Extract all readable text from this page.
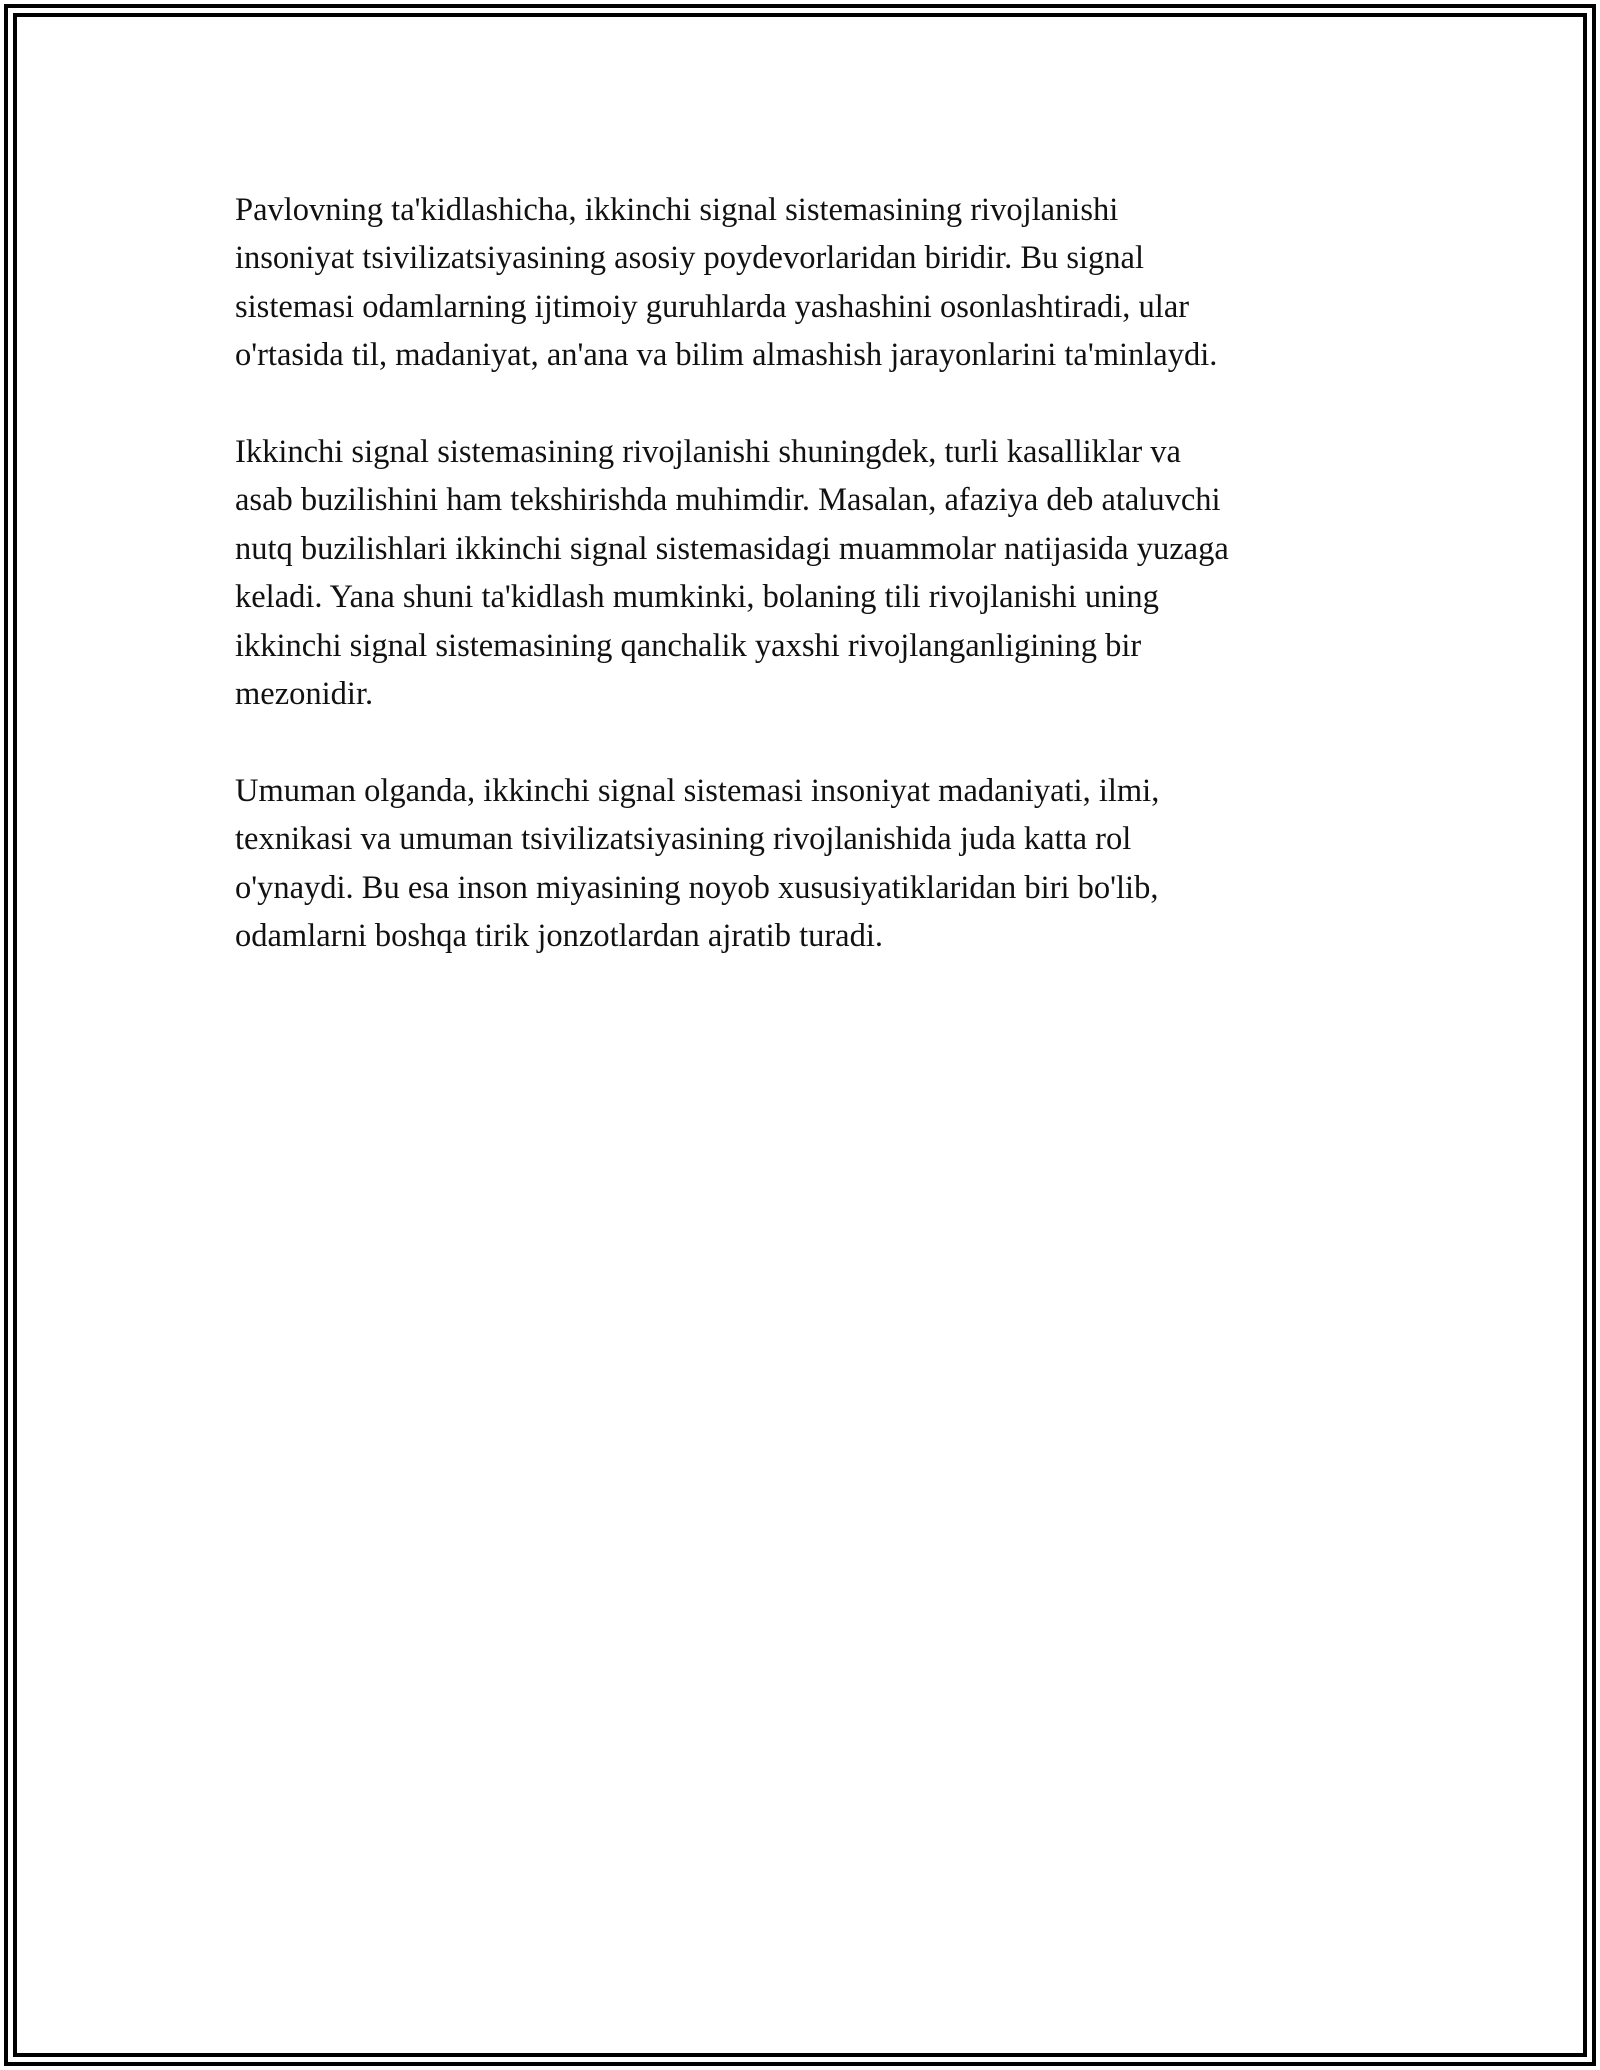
Pavlovning ta'kidlashicha, ikkinchi signal sistemasining rivojlanishi
insoniyat tsivilizatsiyasining asosiy poydevorlaridan biridir. Bu signal
sistemasi odamlarning ijtimoiy guruhlarda yashashini osonlashtiradi, ular
o'rtasida til, madaniyat, an'ana va bilim almashish jarayonlarini ta'minlaydi.

Ikkinchi signal sistemasining rivojlanishi shuningdek, turli kasalliklar va
asab buzilishini ham tekshirishda muhimdir. Masalan, afaziya deb ataluvchi
nutq buzilishlari ikkinchi signal sistemasidagi muammolar natijasida yuzaga
keladi. Yana shuni ta'kidlash mumkinki, bolaning tili rivojlanishi uning
ikkinchi signal sistemasining qanchalik yaxshi rivojlanganligining bir
mezonidir.

Umuman olganda, ikkinchi signal sistemasi insoniyat madaniyati, ilmi,
texnikasi va umuman tsivilizatsiyasining rivojlanishida juda katta rol
o'ynaydi. Bu esa inson miyasining noyob xususiyatiklaridan biri bo'lib,
odamlarni boshqa tirik jonzotlardan ajratib turadi.
